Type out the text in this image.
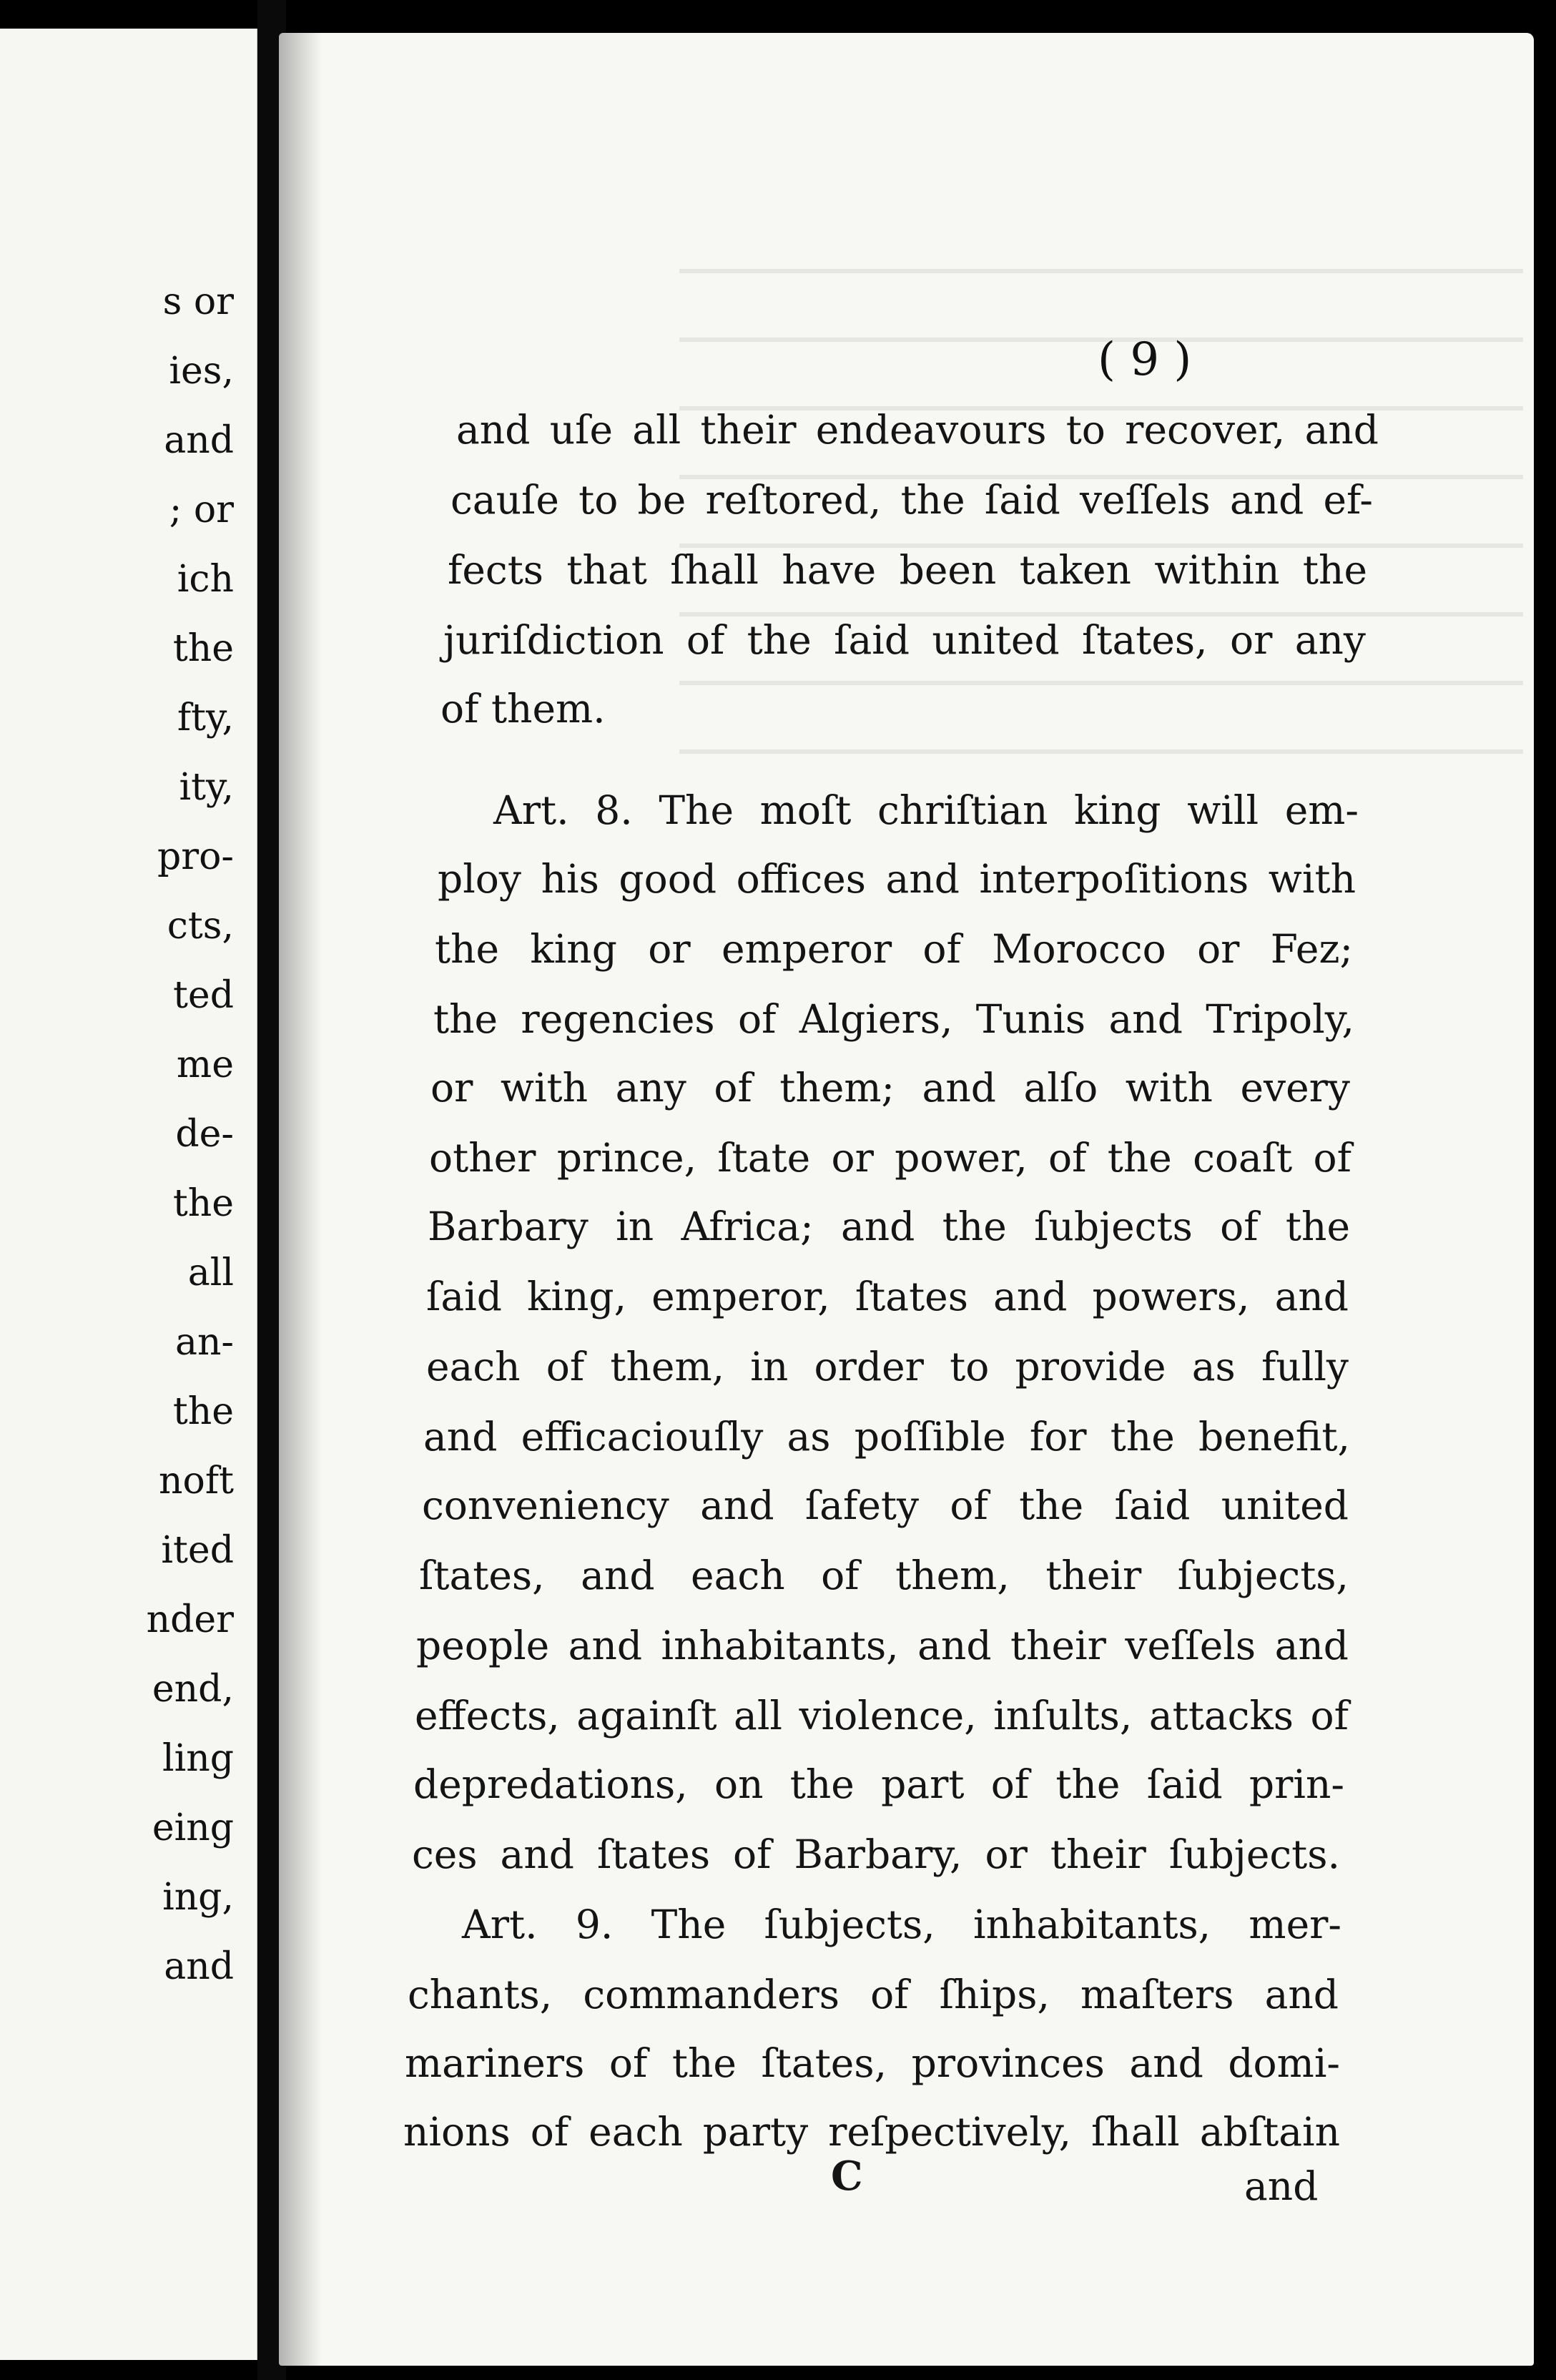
s or
ies,
and
; or
ich
the
fty,
ity,
pro-
cts,
ted
me
de-
the
all
an-
the
noft
ited
nder
end,
ling
eing
ing,
and
( 9 )
and uſe all their endeavours to recover, and
cauſe to be reſtored, the ſaid veſſels and ef-
fects that ſhall have been taken within the
juriſdiction of the ſaid united ſtates, or any
of them.
Art. 8. The moſt chriſtian king will em-
ploy his good offices and interpoſitions with
the king or emperor of Morocco or Fez;
the regencies of Algiers, Tunis and Tripoly,
or with any of them; and alſo with every
other prince, ſtate or power, of the coaſt of
Barbary in Africa; and the ſubjects of the
ſaid king, emperor, ſtates and powers, and
each of them, in order to provide as fully
and efficaciouſly as poſſible for the benefit,
conveniency and ſafety of the ſaid united
ſtates, and each of them, their ſubjects,
people and inhabitants, and their veſſels and
effects, againſt all violence, inſults, attacks of
depredations, on the part of the ſaid prin-
ces and ſtates of Barbary, or their ſubjects.
Art. 9. The ſubjects, inhabitants, mer-
chants, commanders of ſhips, maſters and
mariners of the ſtates, provinces and domi-
nions of each party reſpectively, ſhall abſtain
C	and
